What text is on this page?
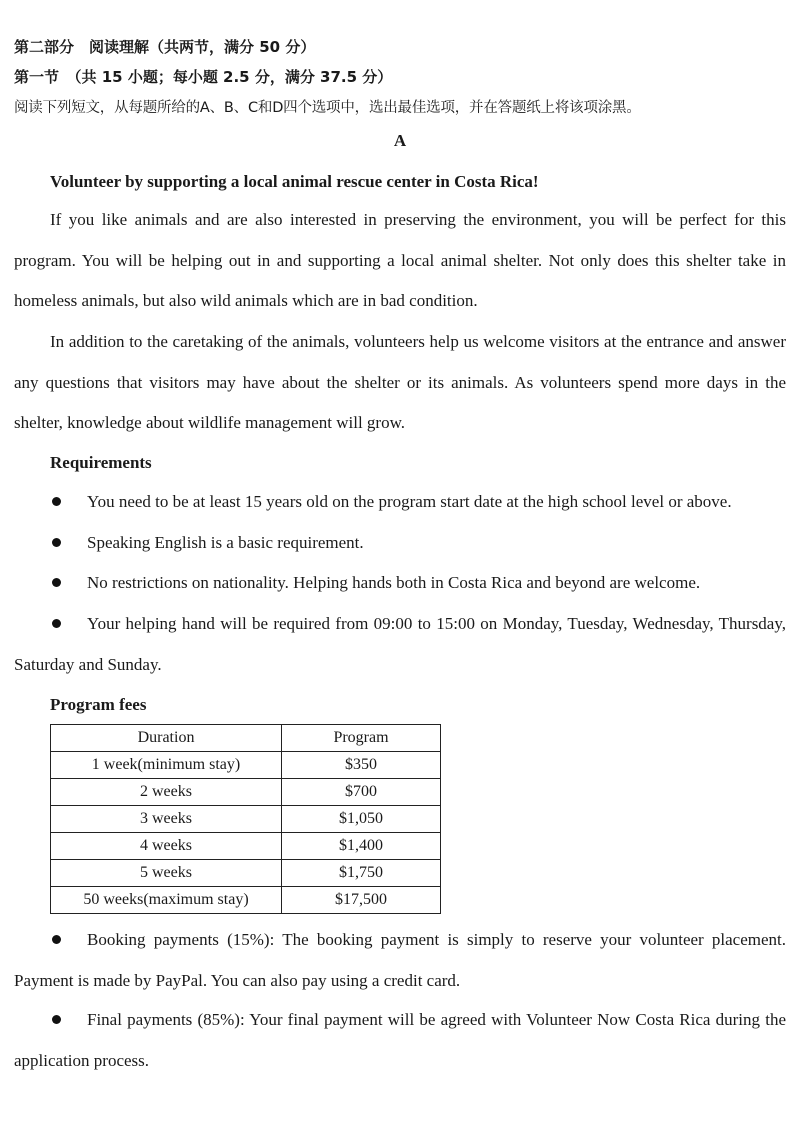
第二部分　阅读理解（共两节，满分 50 分）
第一节　（共 15 小题；每小题 2.5 分，满分 37.5 分）
阅读下列短文，从每题所给的A、B、C和D四个选项中，选出最佳选项，并在答题纸上将该项涂黑。
A
Volunteer by supporting a local animal rescue center in Costa Rica!

If you like animals and are also interested in preserving the environment, you will be perfect for this program. You will be helping out in and supporting a local animal shelter. Not only does this shelter take in homeless animals, but also wild animals which are in bad condition.

In addition to the caretaking of the animals, volunteers help us welcome visitors at the entrance and answer any questions that visitors may have about the shelter or its animals. As volunteers spend more days in the shelter, knowledge about wildlife management will grow.

Requirements

You need to be at least 15 years old on the program start date at the high school level or above.

Speaking English is a basic requirement.

No restrictions on nationality. Helping hands both in Costa Rica and beyond are welcome.

Your helping hand will be required from 09:00 to 15:00 on Monday, Tuesday, Wednesday, Thursday, Saturday and Sunday.

Program fees
Duration	Program
1 week(minimum stay)	$350
2 weeks	$700
3 weeks	$1,050
4 weeks	$1,400
5 weeks	$1,750
50 weeks(maximum stay)	$17,500

Booking payments (15%): The booking payment is simply to reserve your volunteer placement. Payment is made by PayPal. You can also pay using a credit card.

Final payments (85%): Your final payment will be agreed with Volunteer Now Costa Rica during the application process.
